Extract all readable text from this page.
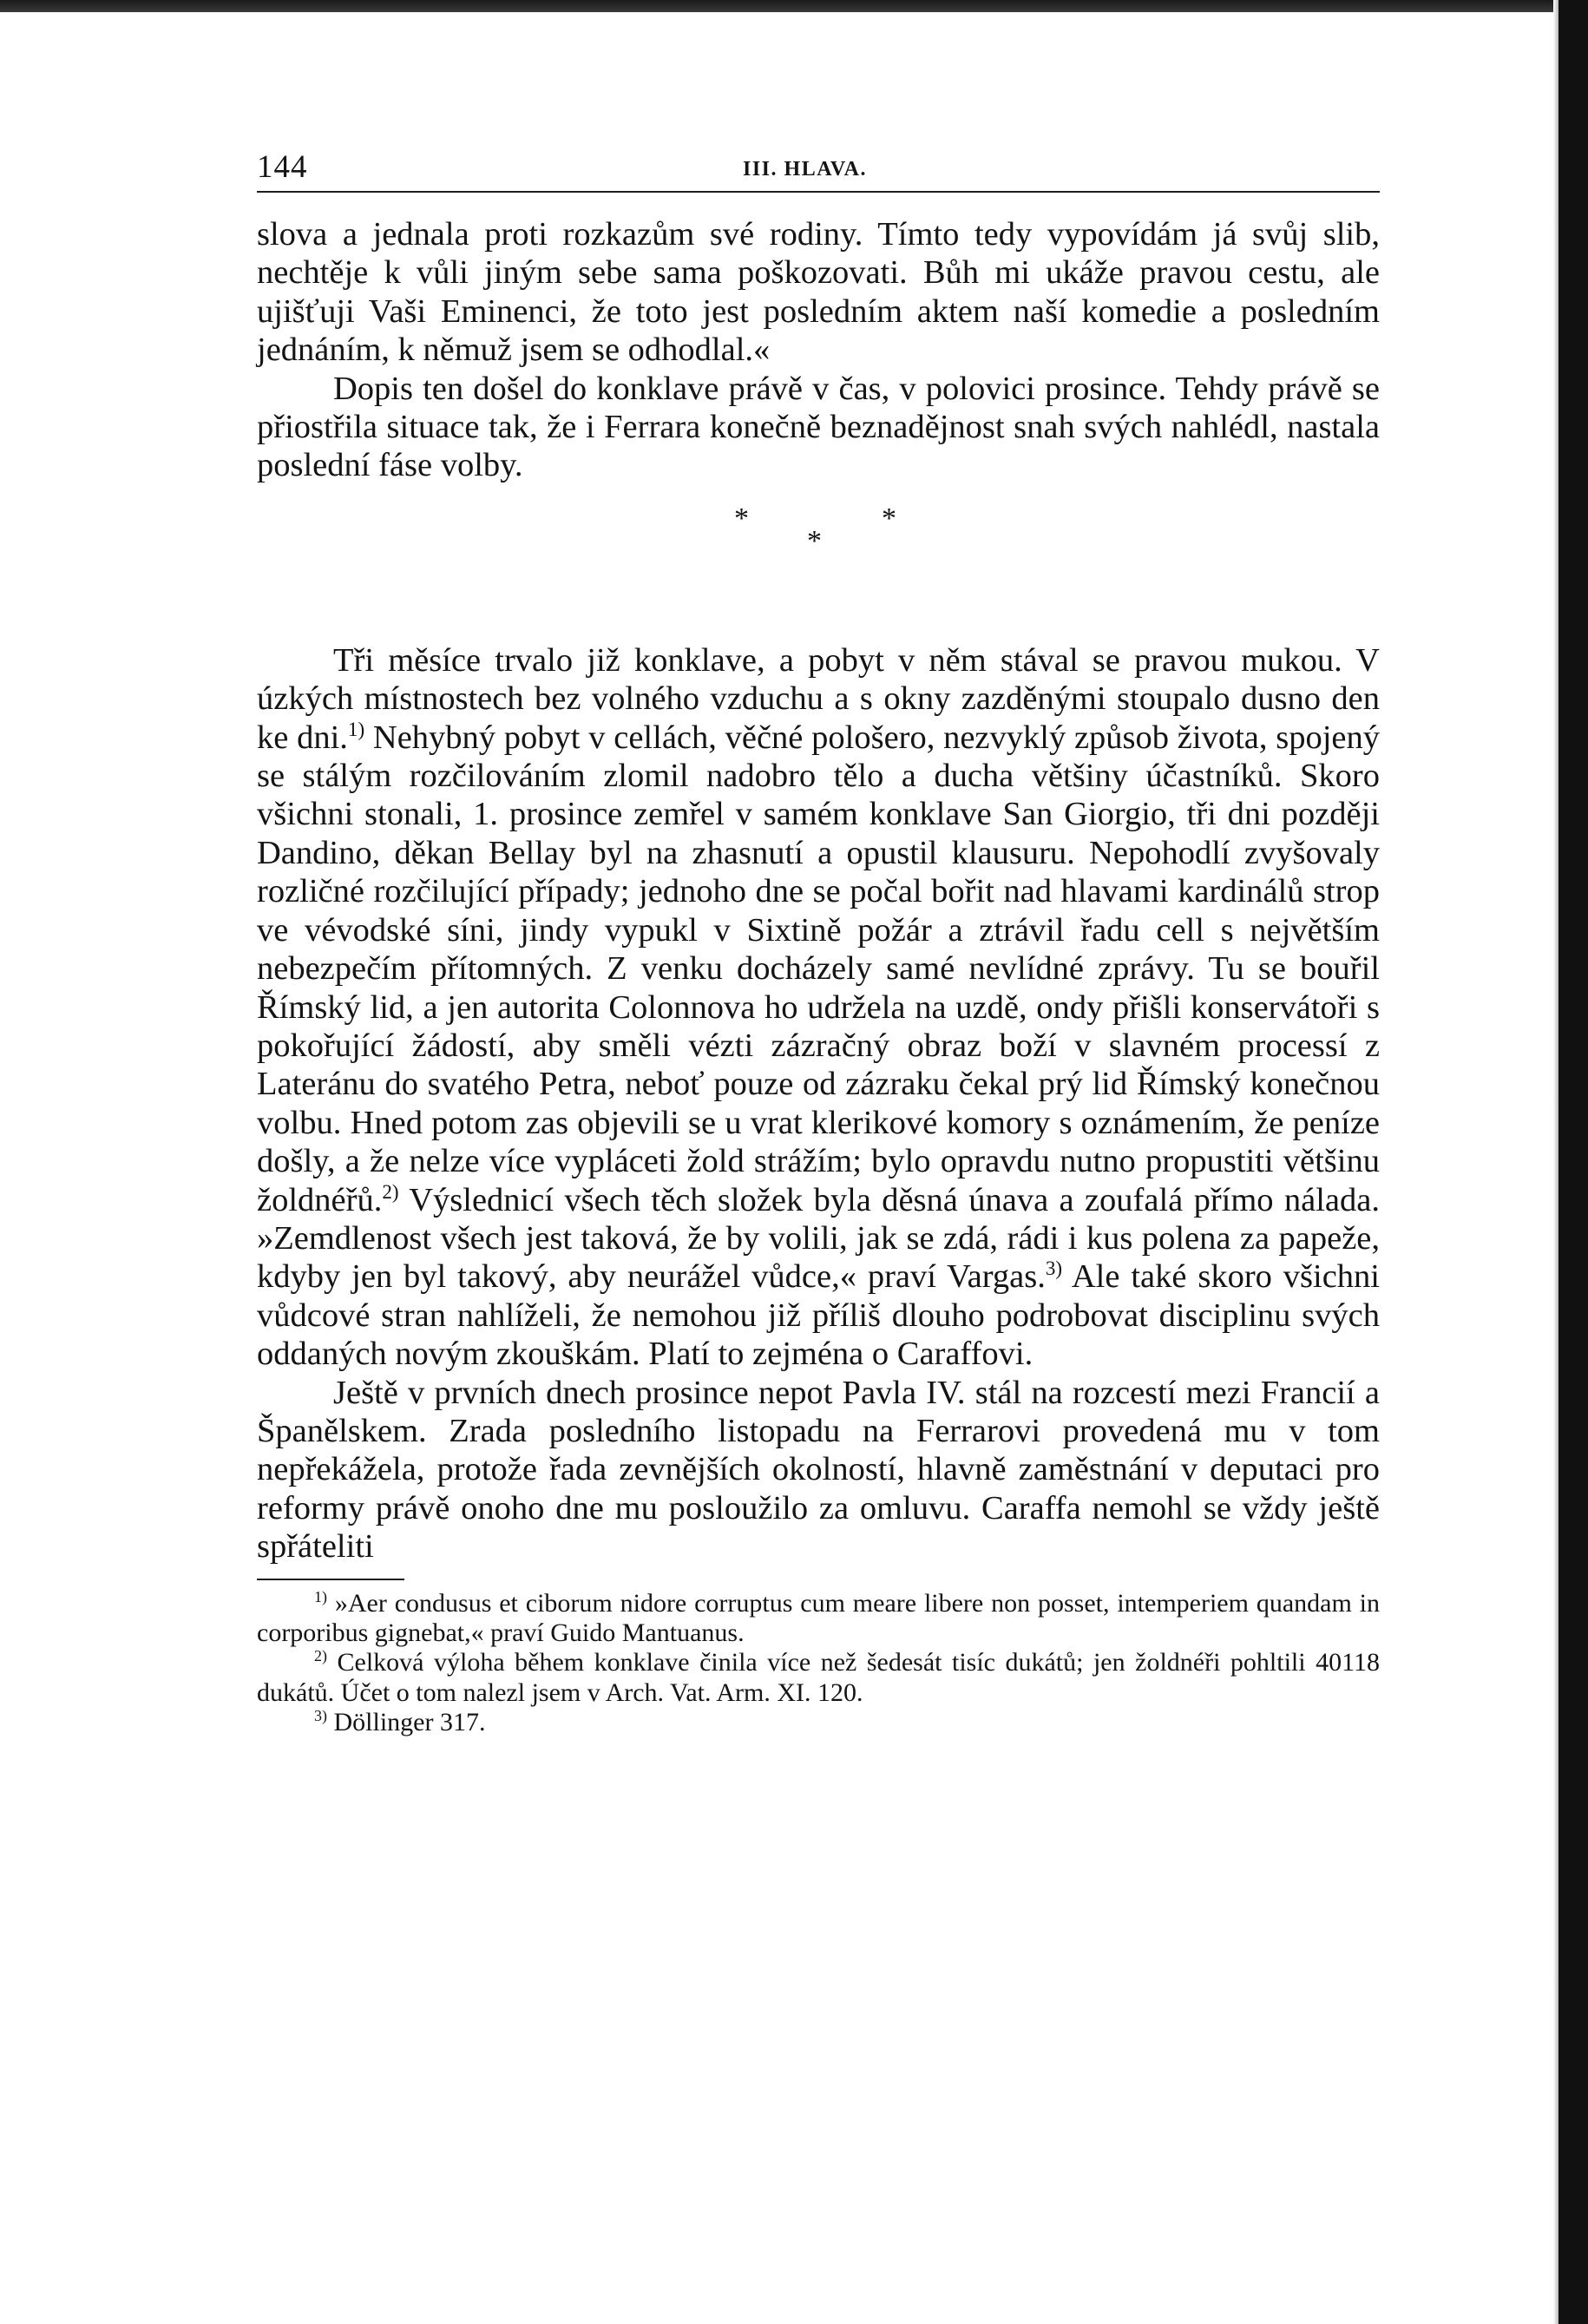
144	III. HLAVA.

slova a jednala proti rozkazům své rodiny. Tímto tedy vypovídám já svůj slib, nechtěje k vůli jiným sebe sama poškozovati. Bůh mi ukáže pravou cestu, ale ujišťuji Vaši Eminenci, že toto jest posledním aktem naší komedie a posledním jednáním, k němuž jsem se odhodlal.«

Dopis ten došel do konklave právě v čas, v polovici prosince. Tehdy právě se přiostřila situace tak, že i Ferrara konečně beznadějnost snah svých nahlédl, nastala poslední fáse volby.

*	*
*

Tři měsíce trvalo již konklave, a pobyt v něm stával se pravou mukou. V úzkých místnostech bez volného vzduchu a s okny zazděnými stoupalo dusno den ke dni.$^{1)}$ Nehybný pobyt v cellách, věčné pološero, nezvyklý způsob života, spojený se stálým rozčilováním zlomil nadobro tělo a ducha většiny účastníků. Skoro všichni stonali, 1. prosince zemřel v samém konklave San Giorgio, tři dni později Dandino, děkan Bellay byl na zhasnutí a opustil klausuru. Nepohodlí zvyšovaly rozličné rozčilující případy; jednoho dne se počal bořit nad hlavami kardinálů strop ve vévodské síni, jindy vypukl v Sixtině požár a ztrávil řadu cell s největším nebezpečím přítomných. Z venku docházely samé nevlídné zprávy. Tu se bouřil Římský lid, a jen autorita Colonnova ho udržela na uzdě, ondy přišli konservátoři s pokořující žádostí, aby směli vézti zázračný obraz boží v slavném processí z Lateránu do svatého Petra, neboť pouze od zázraku čekal prý lid Římský konečnou volbu. Hned potom zas objevili se u vrat klerikové komory s oznámením, že peníze došly, a že nelze více vypláceti žold strážím; bylo opravdu nutno propustiti většinu žoldnéřů.$^{2)}$ Výslednicí všech těch složek byla děsná únava a zoufalá přímo nálada. »Zemdlenost všech jest taková, že by volili, jak se zdá, rádi i kus polena za papeže, kdyby jen byl takový, aby neurážel vůdce,« praví Vargas.$^{3)}$ Ale také skoro všichni vůdcové stran nahlíželi, že nemohou již příliš dlouho podrobovat disciplinu svých oddaných novým zkouškám. Platí to zejména o Caraffovi.

Ještě v prvních dnech prosince nepot Pavla IV. stál na rozcestí mezi Francií a Španělskem. Zrada posledního listopadu na Ferrarovi provedená mu v tom nepřekážela, protože řada zevnějších okolností, hlavně zaměstnání v deputaci pro reformy právě onoho dne mu posloužilo za omluvu. Caraffa nemohl se vždy ještě spřáteliti

$^{1)}$ »Aer condusus et ciborum nidore corruptus cum meare libere non posset, intemperiem quandam in corporibus gignebat,« praví Guido Mantuanus.

$^{2)}$ Celková výloha během konklave činila více než šedesát tisíc dukátů; jen žoldnéři pohltili 40118 dukátů. Účet o tom nalezl jsem v Arch. Vat. Arm. XI. 120.

$^{3)}$ Döllinger 317.
